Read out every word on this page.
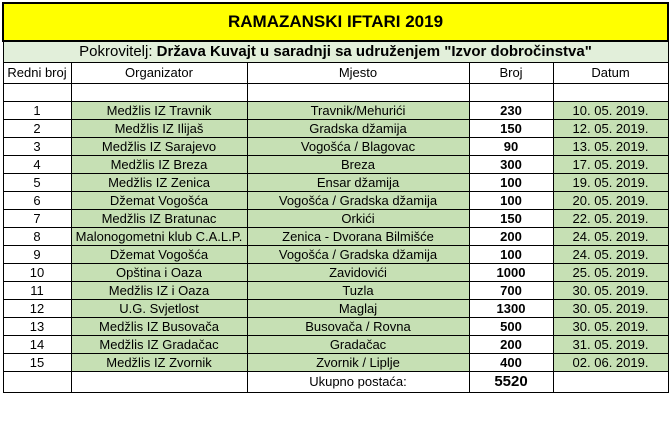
RAMAZANSKI IFTARI 2019				
Pokrovitelj: Država Kuvajt u saradnji sa udruženjem "Izvor dobročinstva"				
Redni broj	Organizator	Mjesto	Broj	Datum

1	Medžlis IZ Travnik	Travnik/Mehurići	230	10. 05. 2019.
2	Medžlis IZ Ilijaš	Gradska džamija	150	12. 05. 2019.
3	Medžlis IZ Sarajevo	Vogošća / Blagovac	90	13. 05. 2019.
4	Medžlis IZ Breza	Breza	300	17. 05. 2019.
5	Medžlis IZ Zenica	Ensar džamija	100	19. 05. 2019.
6	Džemat Vogošća	Vogošća / Gradska džamija	100	20. 05. 2019.
7	Medžlis IZ Bratunac	Orkići	150	22. 05. 2019.
8	Malonogometni klub C.A.L.P.	Zenica - Dvorana Bilmišće	200	24. 05. 2019.
9	Džemat Vogošća	Vogošća / Gradska džamija	100	24. 05. 2019.
10	Opština i Oaza	Zavidovići	1000	25. 05. 2019.
11	Medžlis IZ i Oaza	Tuzla	700	30. 05. 2019.
12	U.G. Svjetlost	Maglaj	1300	30. 05. 2019.
13	Medžlis IZ Busovača	Busovača / Rovna	500	30. 05. 2019.
14	Medžlis IZ Gradačac	Gradačac	200	31. 05. 2019.
15	Medžlis IZ Zvornik	Zvornik / Liplje	400	02. 06. 2019.
		Ukupno postaća:	5520	
